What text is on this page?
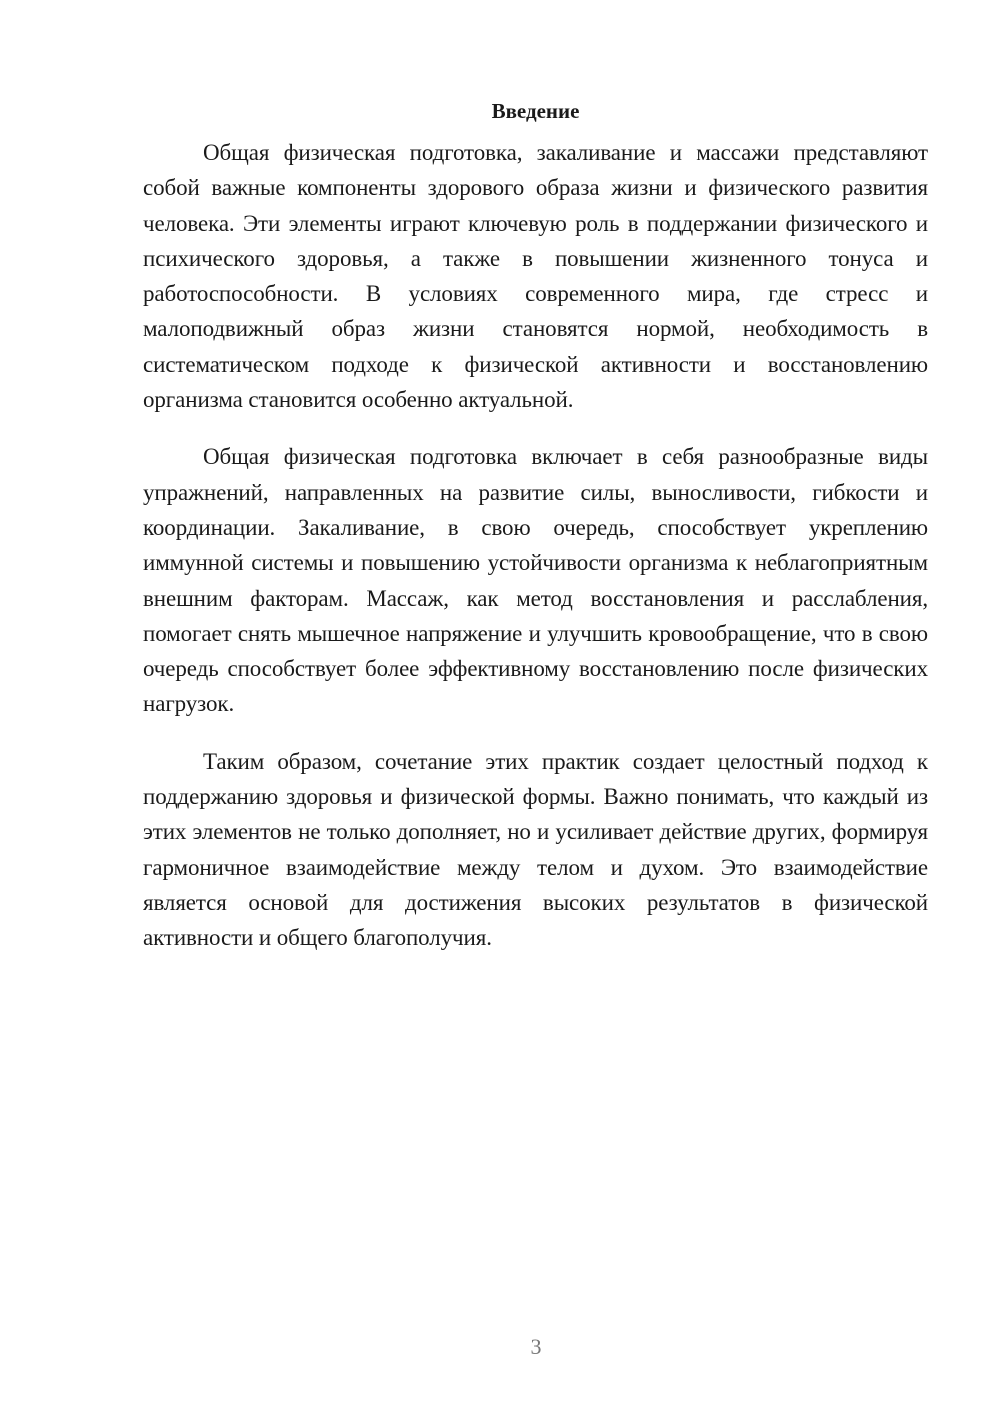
Введение

Общая физическая подготовка, закаливание и массажи представляют собой важные компоненты здорового образа жизни и физического развития человека. Эти элементы играют ключевую роль в поддержании физического и психического здоровья, а также в повышении жизненного тонуса и работоспособности. В условиях современного мира, где стресс и малоподвижный образ жизни становятся нормой, необходимость в систематическом подходе к физической активности и восстановлению организма становится особенно актуальной.

Общая физическая подготовка включает в себя разнообразные виды упражнений, направленных на развитие силы, выносливости, гибкости и координации. Закаливание, в свою очередь, способствует укреплению иммунной системы и повышению устойчивости организма к неблагоприятным внешним факторам. Массаж, как метод восстановления и расслабления, помогает снять мышечное напряжение и улучшить кровообращение, что в свою очередь способствует более эффективному восстановлению после физических нагрузок.

Таким образом, сочетание этих практик создает целостный подход к поддержанию здоровья и физической формы. Важно понимать, что каждый из этих элементов не только дополняет, но и усиливает действие других, формируя гармоничное взаимодействие между телом и духом. Это взаимодействие является основой для достижения высоких результатов в физической активности и общего благополучия.

3
